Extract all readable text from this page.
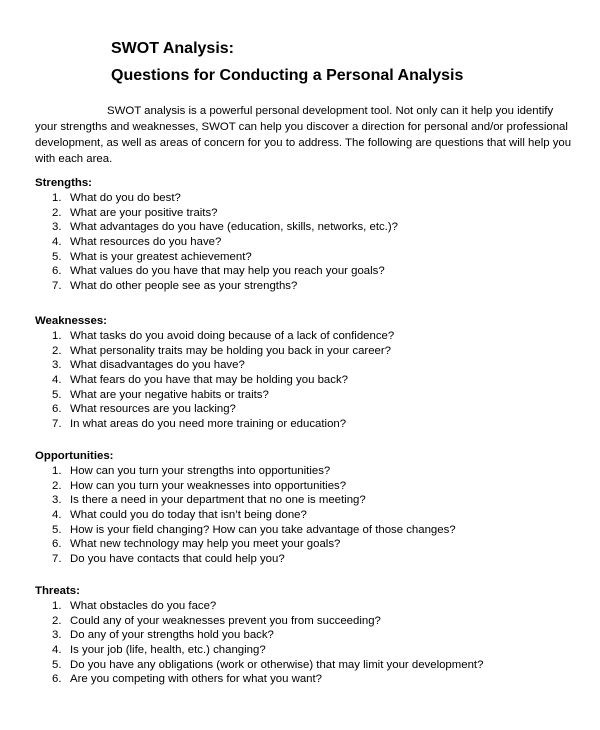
SWOT Analysis:
Questions for Conducting a Personal Analysis

SWOT analysis is a powerful personal development tool. Not only can it help you identify your strengths and weaknesses, SWOT can help you discover a direction for personal and/or professional development, as well as areas of concern for you to address. The following are questions that will help you with each area.

Strengths:
1. What do you do best?
2. What are your positive traits?
3. What advantages do you have (education, skills, networks, etc.)?
4. What resources do you have?
5. What is your greatest achievement?
6. What values do you have that may help you reach your goals?
7. What do other people see as your strengths?
Weaknesses:
1. What tasks do you avoid doing because of a lack of confidence?
2. What personality traits may be holding you back in your career?
3. What disadvantages do you have?
4. What fears do you have that may be holding you back?
5. What are your negative habits or traits?
6. What resources are you lacking?
7. In what areas do you need more training or education?
Opportunities:
1. How can you turn your strengths into opportunities?
2. How can you turn your weaknesses into opportunities?
3. Is there a need in your department that no one is meeting?
4. What could you do today that isn’t being done?
5. How is your field changing? How can you take advantage of those changes?
6. What new technology may help you meet your goals?
7. Do you have contacts that could help you?
Threats:
1. What obstacles do you face?
2. Could any of your weaknesses prevent you from succeeding?
3. Do any of your strengths hold you back?
4. Is your job (life, health, etc.) changing?
5. Do you have any obligations (work or otherwise) that may limit your development?
6. Are you competing with others for what you want?
